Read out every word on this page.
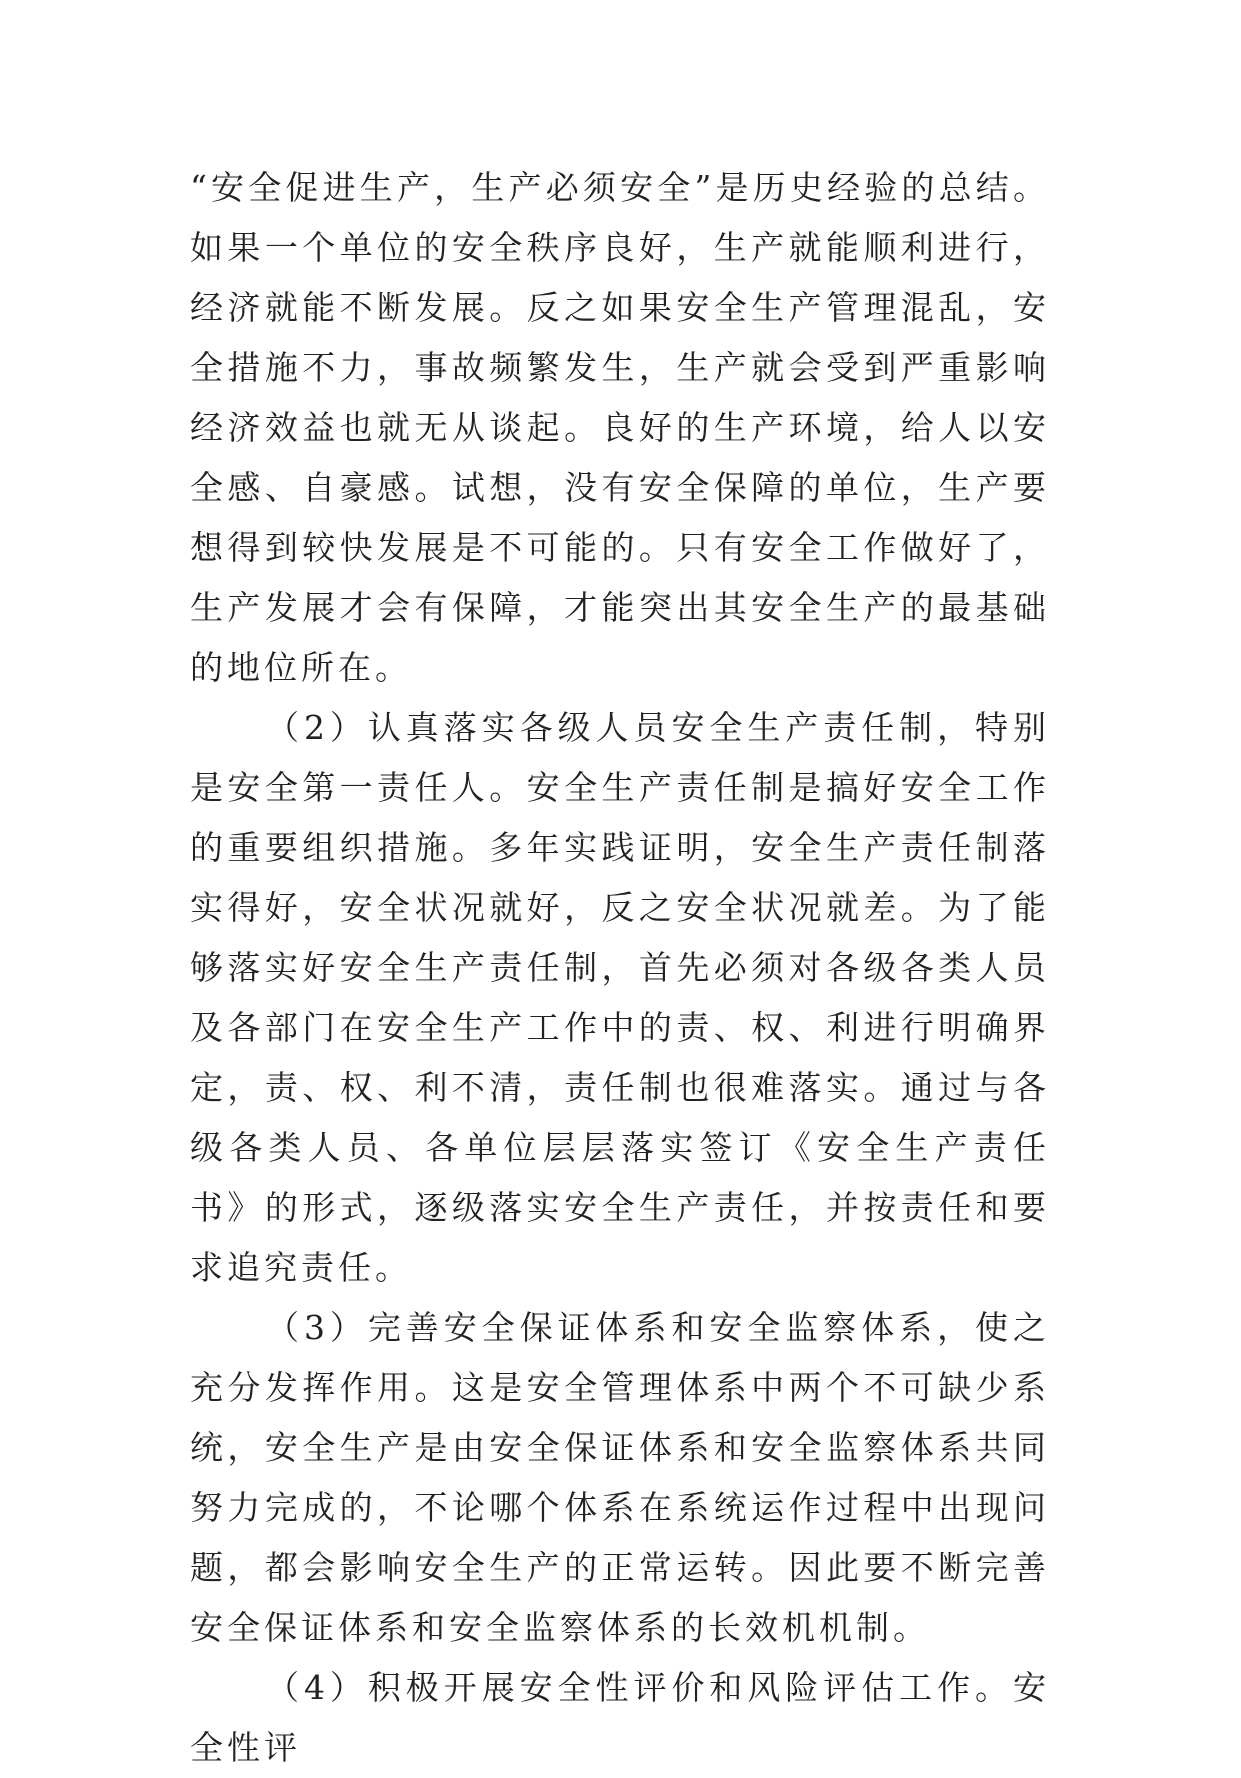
“安全促进生产，生产必须安全”是历史经验的总结。如果一个单位的安全秩序良好，生产就能顺利进行，经济就能不断发展。反之如果安全生产管理混乱，安全措施不力，事故频繁发生，生产就会受到严重影响经济效益也就无从谈起。良好的生产环境，给人以安全感、自豪感。试想，没有安全保障的单位，生产要想得到较快发展是不可能的。只有安全工作做好了，生产发展才会有保障，才能突出其安全生产的最基础的地位所在。

（2）认真落实各级人员安全生产责任制，特别是安全第一责任人。安全生产责任制是搞好安全工作的重要组织措施。多年实践证明，安全生产责任制落实得好，安全状况就好，反之安全状况就差。为了能够落实好安全生产责任制，首先必须对各级各类人员及各部门在安全生产工作中的责、权、利进行明确界定，责、权、利不清，责任制也很难落实。通过与各级各类人员、各单位层层落实签订《安全生产责任书》的形式，逐级落实安全生产责任，并按责任和要求追究责任。

（3）完善安全保证体系和安全监察体系，使之充分发挥作用。这是安全管理体系中两个不可缺少系统，安全生产是由安全保证体系和安全监察体系共同努力完成的，不论哪个体系在系统运作过程中出现问题，都会影响安全生产的正常运转。因此要不断完善安全保证体系和安全监察体系的长效机机制。

（4）积极开展安全性评价和风险评估工作。安全性评
